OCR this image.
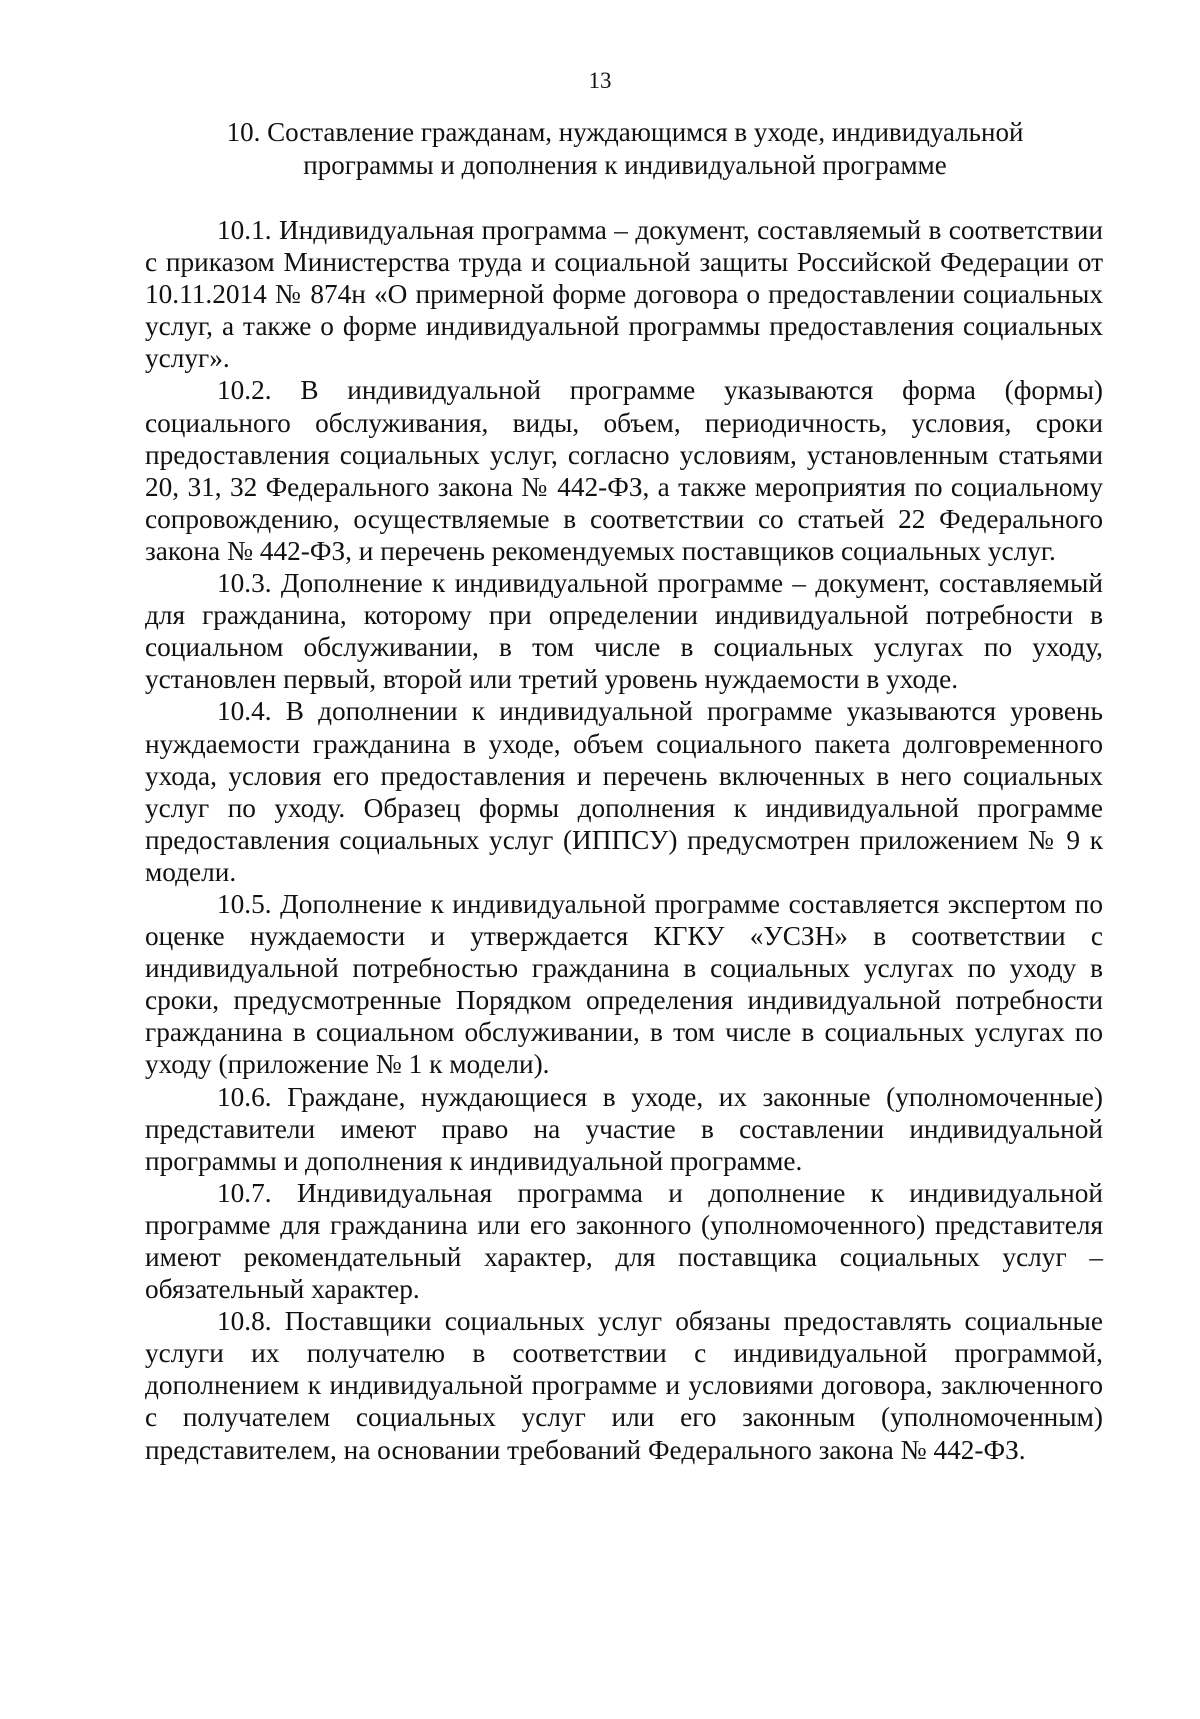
13
10. Составление гражданам, нуждающимся в уходе, индивидуальной
программы и дополнения к индивидуальной программе

10.1. Индивидуальная программа – документ, составляемый в соответствии с приказом Министерства труда и социальной защиты Российской Федерации от 10.11.2014 № 874н «О примерной форме договора о предоставлении социальных услуг, а также о форме индивидуальной программы предоставления социальных услуг».

10.2. В индивидуальной программе указываются форма (формы) социального обслуживания, виды, объем, периодичность, условия, сроки предоставления социальных услуг, согласно условиям, установленным статьями 20, 31, 32 Федерального закона № 442-ФЗ, а также мероприятия по социальному сопровождению, осуществляемые в соответствии со статьей 22 Федерального закона № 442-ФЗ, и перечень рекомендуемых поставщиков социальных услуг.

10.3. Дополнение к индивидуальной программе – документ, составляемый для гражданина, которому при определении индивидуальной потребности в социальном обслуживании, в том числе в социальных услугах по уходу, установлен первый, второй или третий уровень нуждаемости в уходе.

10.4. В дополнении к индивидуальной программе указываются уровень нуждаемости гражданина в уходе, объем социального пакета долговременного ухода, условия его предоставления и перечень включенных в него социальных услуг по уходу. Образец формы дополнения к индивидуальной программе предоставления социальных услуг (ИППСУ) предусмотрен приложением № 9 к модели.

10.5. Дополнение к индивидуальной программе составляется экспертом по оценке нуждаемости и утверждается КГКУ «УСЗН» в соответствии с индивидуальной потребностью гражданина в социальных услугах по уходу в сроки, предусмотренные Порядком определения индивидуальной потребности гражданина в социальном обслуживании, в том числе в социальных услугах по уходу (приложение № 1 к модели).

10.6. Граждане, нуждающиеся в уходе, их законные (уполномоченные) представители имеют право на участие в составлении индивидуальной программы и дополнения к индивидуальной программе.

10.7. Индивидуальная программа и дополнение к индивидуальной программе для гражданина или его законного (уполномоченного) представителя имеют рекомендательный характер, для поставщика социальных услуг – обязательный характер.

10.8. Поставщики социальных услуг обязаны предоставлять социальные услуги их получателю в соответствии с индивидуальной программой, дополнением к индивидуальной программе и условиями договора, заключенного с получателем социальных услуг или его законным (уполномоченным) представителем, на основании требований Федерального закона № 442-ФЗ.
